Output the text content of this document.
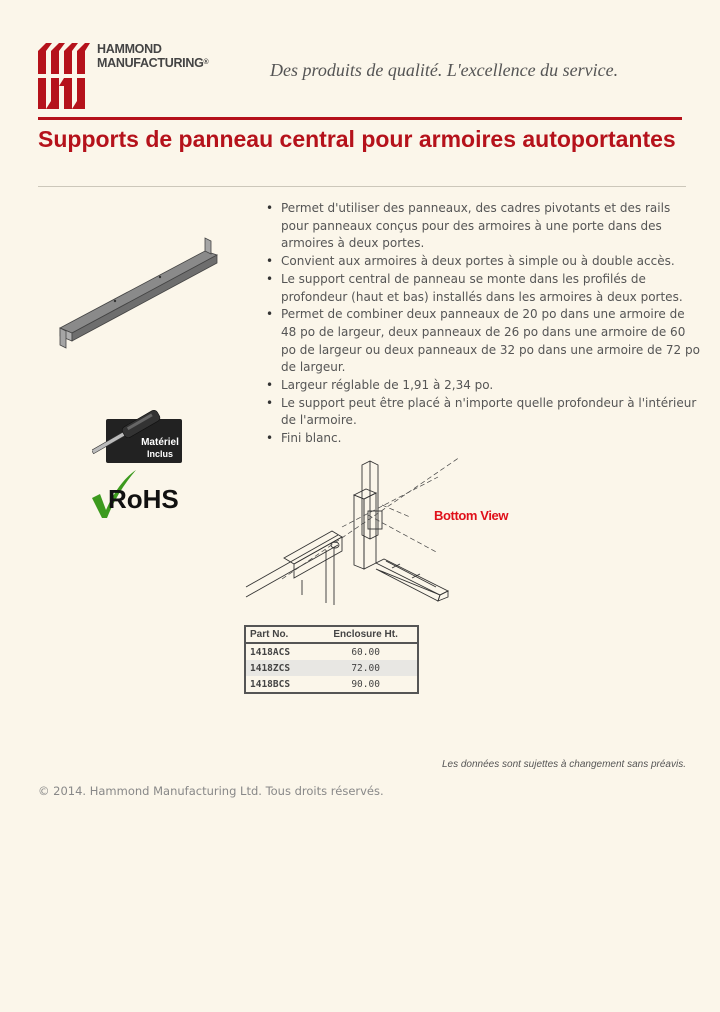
HAMMOND
MANUFACTURING®	Des produits de qualité. L'excellence du service.
Supports de panneau central pour armoires autoportantes
Matériel
Inclus
RoHS
• Permet d'utiliser des panneaux, des cadres pivotants et des rails pour panneaux conçus pour des armoires à une porte dans des armoires à deux portes.
• Convient aux armoires à deux portes à simple ou à double accès.
• Le support central de panneau se monte dans les profilés de profondeur (haut et bas) installés dans les armoires à deux portes.
• Permet de combiner deux panneaux de 20 po dans une armoire de 48 po de largeur, deux panneaux de 26 po dans une armoire de 60 po de largeur ou deux panneaux de 32 po dans une armoire de 72 po de largeur.
• Largeur réglable de 1,91 à 2,34 po.
• Le support peut être placé à n'importe quelle profondeur à l'intérieur de l'armoire.
• Fini blanc.
Bottom View
Part No.	Enclosure Ht.
1418ACS	60.00
1418ZCS	72.00
1418BCS	90.00
Les données sont sujettes à changement sans préavis.
© 2014. Hammond Manufacturing Ltd. Tous droits réservés.
